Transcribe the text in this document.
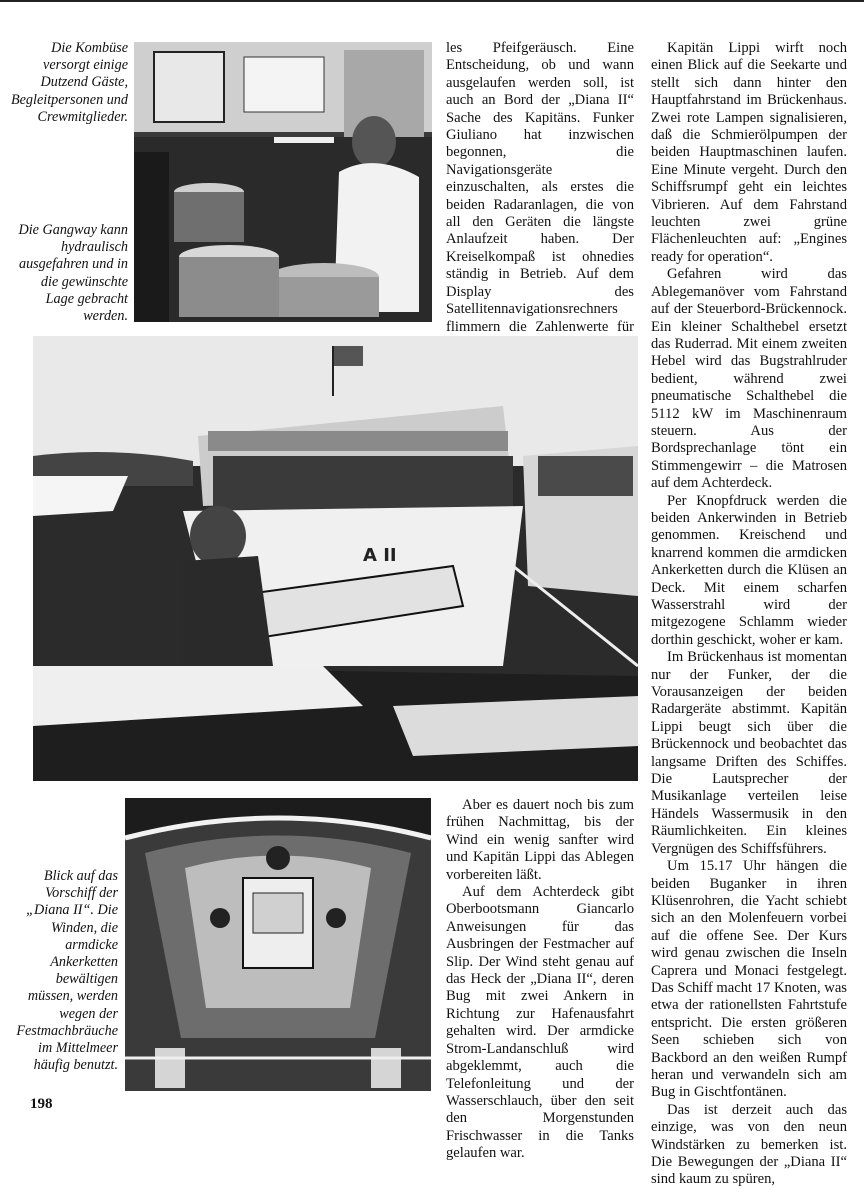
Die Kombüse versorgt einige Dutzend Gäste, Begleitpersonen und Crewmitglieder.

Die Gangway kann hydraulisch ausgefahren und in die gewünschte Lage gebracht werden.

Blick auf das Vorschiff der „Diana II“. Die Winden, die armdicke Ankerketten bewältigen müssen, werden wegen der Festmachbräuche im Mittelmeer häufig benutzt.

les Pfeifgeräusch. Eine Entscheidung, ob und wann ausgelaufen werden soll, ist auch an Bord der „Diana II“ Sache des Kapitäns. Funker Giuliano hat inzwischen begonnen, die Navigationsgeräte einzuschalten, als erstes die beiden Radaranlagen, die von all den Geräten die längste Anlaufzeit haben. Der Kreiselkompaß ist ohnedies ständig in Betrieb. Auf dem Display des Satellitennavigationsrechners flimmern die Zahlenwerte für

A II

Aber es dauert noch bis zum frühen Nachmittag, bis der Wind ein wenig sanfter wird und Kapitän Lippi das Ablegen vorbereiten läßt.

Auf dem Achterdeck gibt Oberbootsmann Giancarlo Anweisungen für das Ausbringen der Festmacher auf Slip. Der Wind steht genau auf das Heck der „Diana II“, deren Bug mit zwei Ankern in Richtung zur Hafenausfahrt gehalten wird. Der armdicke Strom-Landanschluß wird abgeklemmt, auch die Telefonleitung und der Wasserschlauch, über den seit den Morgenstunden Frischwasser in die Tanks gelaufen war.

Kapitän Lippi wirft noch einen Blick auf die Seekarte und stellt sich dann hinter den Hauptfahrstand im Brückenhaus. Zwei rote Lampen signalisieren, daß die Schmierölpumpen der beiden Hauptmaschinen laufen. Eine Minute vergeht. Durch den Schiffsrumpf geht ein leichtes Vibrieren. Auf dem Fahrstand leuchten zwei grüne Flächenleuchten auf: „Engines ready for operation“.

Gefahren wird das Ablegemanöver vom Fahrstand auf der Steuerbord-Brückennock. Ein kleiner Schalthebel ersetzt das Ruderrad. Mit einem zweiten Hebel wird das Bugstrahlruder bedient, während zwei pneumatische Schalthebel die 5112 kW im Maschinenraum steuern. Aus der Bordsprechanlage tönt ein Stimmengewirr – die Matrosen auf dem Achterdeck.

Per Knopfdruck werden die beiden Ankerwinden in Betrieb genommen. Kreischend und knarrend kommen die armdicken Ankerketten durch die Klüsen an Deck. Mit einem scharfen Wasserstrahl wird der mitgezogene Schlamm wieder dorthin geschickt, woher er kam.

Im Brückenhaus ist momentan nur der Funker, der die Vorausanzeigen der beiden Radargeräte abstimmt. Kapitän Lippi beugt sich über die Brückennock und beobachtet das langsame Driften des Schiffes. Die Lautsprecher der Musikanlage verteilen leise Händels Wassermusik in den Räumlichkeiten. Ein kleines Vergnügen des Schiffsführers.

Um 15.17 Uhr hängen die beiden Buganker in ihren Klüsenrohren, die Yacht schiebt sich an den Molenfeuern vorbei auf die offene See. Der Kurs wird genau zwischen die Inseln Caprera und Monaci festgelegt. Das Schiff macht 17 Knoten, was etwa der rationellsten Fahrtstufe entspricht. Die ersten größeren Seen schieben sich von Backbord an den weißen Rumpf heran und verwandeln sich am Bug in Gischtfontänen.

Das ist derzeit auch das einzige, was von den neun Windstärken zu bemerken ist. Die Bewegungen der „Diana II“ sind kaum zu spüren,

198
